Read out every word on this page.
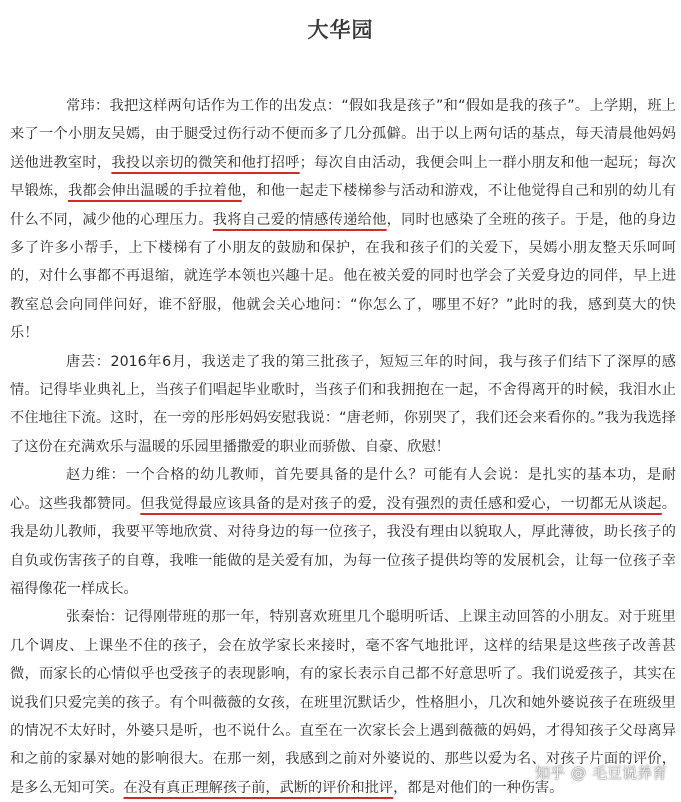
大华园

常玮：我把这样两句话作为工作的出发点：“假如我是孩子”和“假如是我的孩子”。上学期，班上来了一个小朋友吴嫣，由于腿受过伤行动不便而多了几分孤僻。出于以上两句话的基点，每天清晨他妈妈送他进教室时，我投以亲切的微笑和他打招呼；每次自由活动，我便会叫上一群小朋友和他一起玩；每次早锻炼，我都会伸出温暖的手拉着他，和他一起走下楼梯参与活动和游戏，不让他觉得自己和别的幼儿有什么不同，减少他的心理压力。我将自己爱的情感传递给他，同时也感染了全班的孩子。于是，他的身边多了许多小帮手，上下楼梯有了小朋友的鼓励和保护，在我和孩子们的关爱下，吴嫣小朋友整天乐呵呵的，对什么事都不再退缩，就连学本领也兴趣十足。他在被关爱的同时也学会了关爱身边的同伴，早上进教室总会向同伴问好，谁不舒服，他就会关心地问：“你怎么了，哪里不好？”此时的我，感到莫大的快乐！

唐芸：2016年6月，我送走了我的第三批孩子，短短三年的时间，我与孩子们结下了深厚的感情。记得毕业典礼上，当孩子们唱起毕业歌时，当孩子们和我拥抱在一起，不舍得离开的时候，我泪水止不住地往下流。这时，在一旁的彤彤妈妈安慰我说：“唐老师，你别哭了，我们还会来看你的。”我为我选择了这份在充满欢乐与温暖的乐园里播撒爱的职业而骄傲、自豪、欣慰！

赵力维：一个合格的幼儿教师，首先要具备的是什么？可能有人会说：是扎实的基本功，是耐心。这些我都赞同。但我觉得最应该具备的是对孩子的爱，没有强烈的责任感和爱心，一切都无从谈起。我是幼儿教师，我要平等地欣赏、对待身边的每一位孩子，我没有理由以貌取人，厚此薄彼，助长孩子的自负或伤害孩子的自尊，我唯一能做的是关爱有加，为每一位孩子提供均等的发展机会，让每一位孩子幸福得像花一样成长。

张秦怡：记得刚带班的那一年，特别喜欢班里几个聪明听话、上课主动回答的小朋友。对于班里几个调皮、上课坐不住的孩子，会在放学家长来接时，毫不客气地批评，这样的结果是这些孩子改善甚微，而家长的心情似乎也受孩子的表现影响，有的家长表示自己都不好意思听了。我们说爱孩子，其实在说我们只爱完美的孩子。有个叫薇薇的女孩，在班里沉默话少，性格胆小，几次和她外婆说孩子在班级里的情况不太好时，外婆只是听，也不说什么。直至在一次家长会上遇到薇薇的妈妈，才得知孩子父母离异和之前的家暴对她的影响很大。在那一刻，我感到之前对外婆说的、那些以爱为名、对孩子片面的评价，是多么无知可笑。在没有真正理解孩子前，武断的评价和批评，都是对他们的一种伤害。

知乎 @ 毛豆说养育
